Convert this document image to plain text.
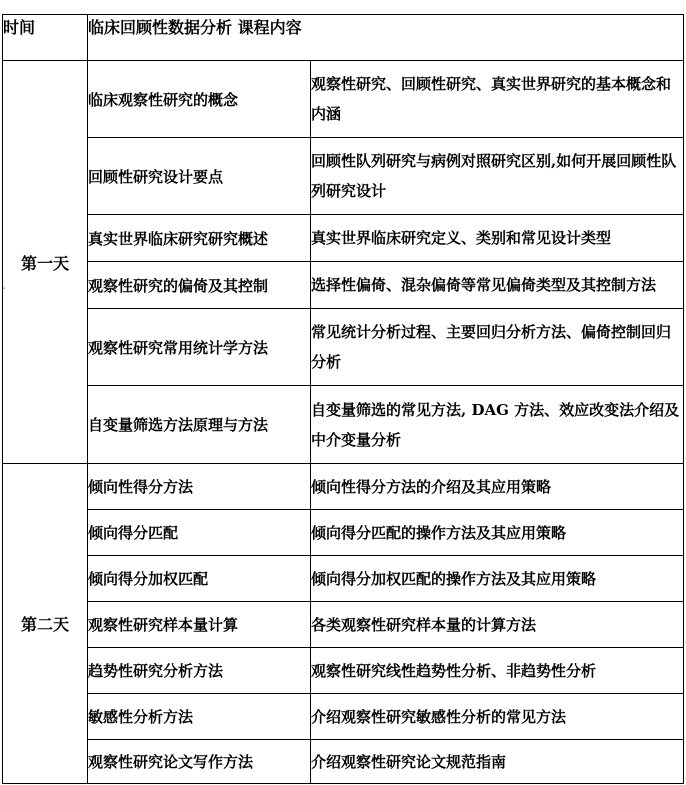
-
时间	临床回顾性数据分析 课程内容	
第一天	临床观察性研究的概念	观察性研究、回顾性研究、真实世界研究的基本概念和内涵
	回顾性研究设计要点	回顾性队列研究与病例对照研究区别,如何开展回顾性队列研究设计
	真实世界临床研究研究概述	真实世界临床研究定义、类别和常见设计类型
	观察性研究的偏倚及其控制	选择性偏倚、混杂偏倚等常见偏倚类型及其控制方法
	观察性研究常用统计学方法	常见统计分析过程、主要回归分析方法、偏倚控制回归分析
	自变量筛选方法原理与方法	自变量筛选的常见方法, DAG 方法、效应改变法介绍及中介变量分析
第二天	倾向性得分方法	倾向性得分方法的介绍及其应用策略
	倾向得分匹配	倾向得分匹配的操作方法及其应用策略
	倾向得分加权匹配	倾向得分加权匹配的操作方法及其应用策略
	观察性研究样本量计算	各类观察性研究样本量的计算方法
	趋势性研究分析方法	观察性研究线性趋势性分析、非趋势性分析
	敏感性分析方法	介绍观察性研究敏感性分析的常见方法
	观察性研究论文写作方法	介绍观察性研究论文规范指南
